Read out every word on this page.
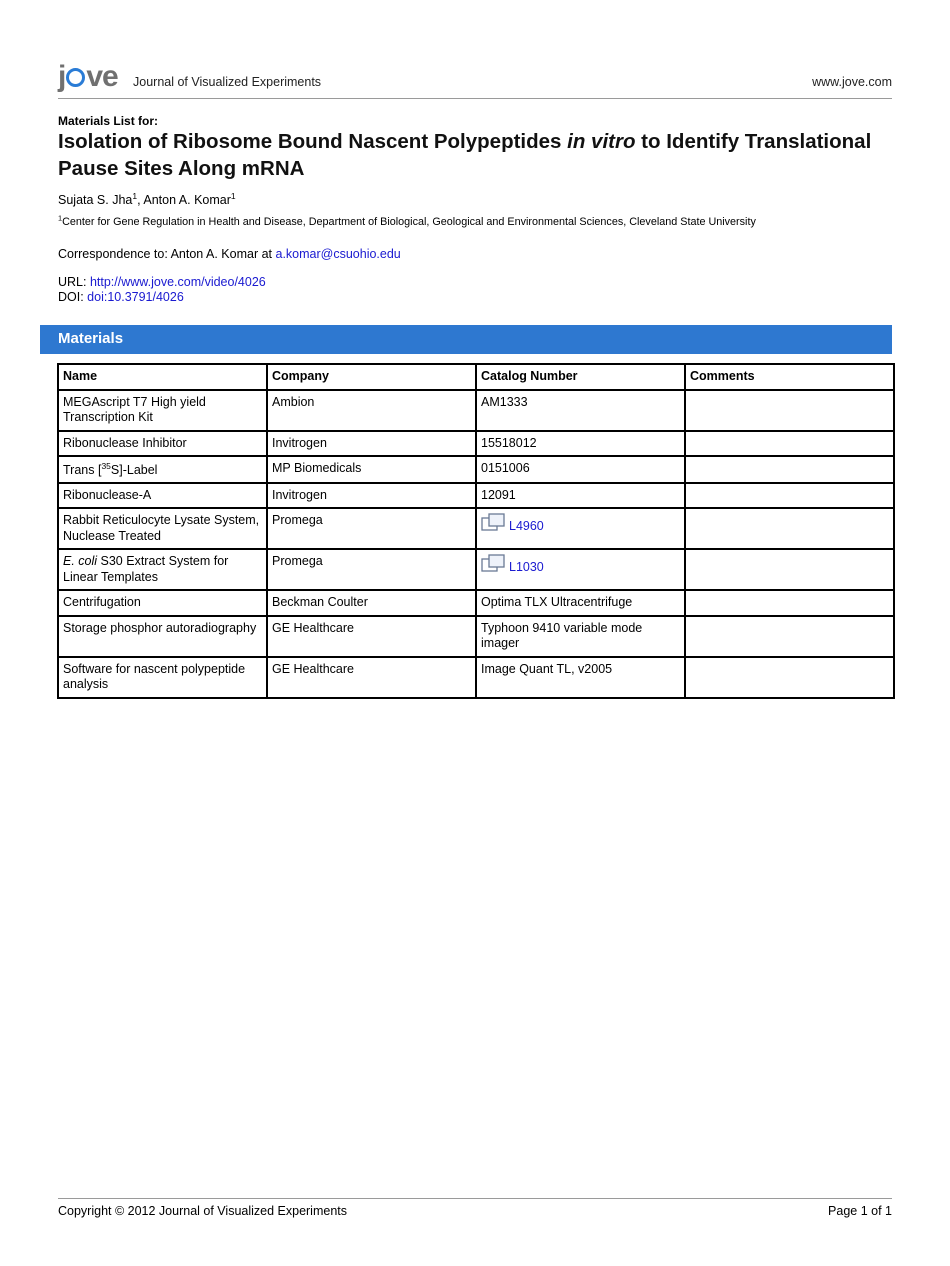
j ve Journal of Visualized Experiments	www.jove.com
Materials List for:
Isolation of Ribosome Bound Nascent Polypeptides in vitro to Identify Translational Pause Sites Along mRNA
Sujata S. Jha$^1$, Anton A. Komar$^1$
$^1$Center for Gene Regulation in Health and Disease, Department of Biological, Geological and Environmental Sciences, Cleveland State University
Correspondence to: Anton A. Komar at a.komar@csuohio.edu
URL: http://www.jove.com/video/4026
DOI: doi:10.3791/4026
Materials
Name	Company	Catalog Number	Comments
MEGAscript T7 High yield Transcription Kit	Ambion	AM1333	
Ribonuclease Inhibitor	Invitrogen	15518012	
Trans [$^{35}$S]-Label	MP Biomedicals	0151006	
Ribonuclease-A	Invitrogen	12091	
Rabbit Reticulocyte Lysate System, Nuclease Treated	Promega	L4960	
E. coli S30 Extract System for Linear Templates	Promega	L1030	
Centrifugation	Beckman Coulter	Optima TLX Ultracentrifuge	
Storage phosphor autoradiography	GE Healthcare	Typhoon 9410 variable mode imager	
Software for nascent polypeptide analysis	GE Healthcare	Image Quant TL, v2005	
Copyright © 2012 Journal of Visualized Experiments	Page 1 of 1
